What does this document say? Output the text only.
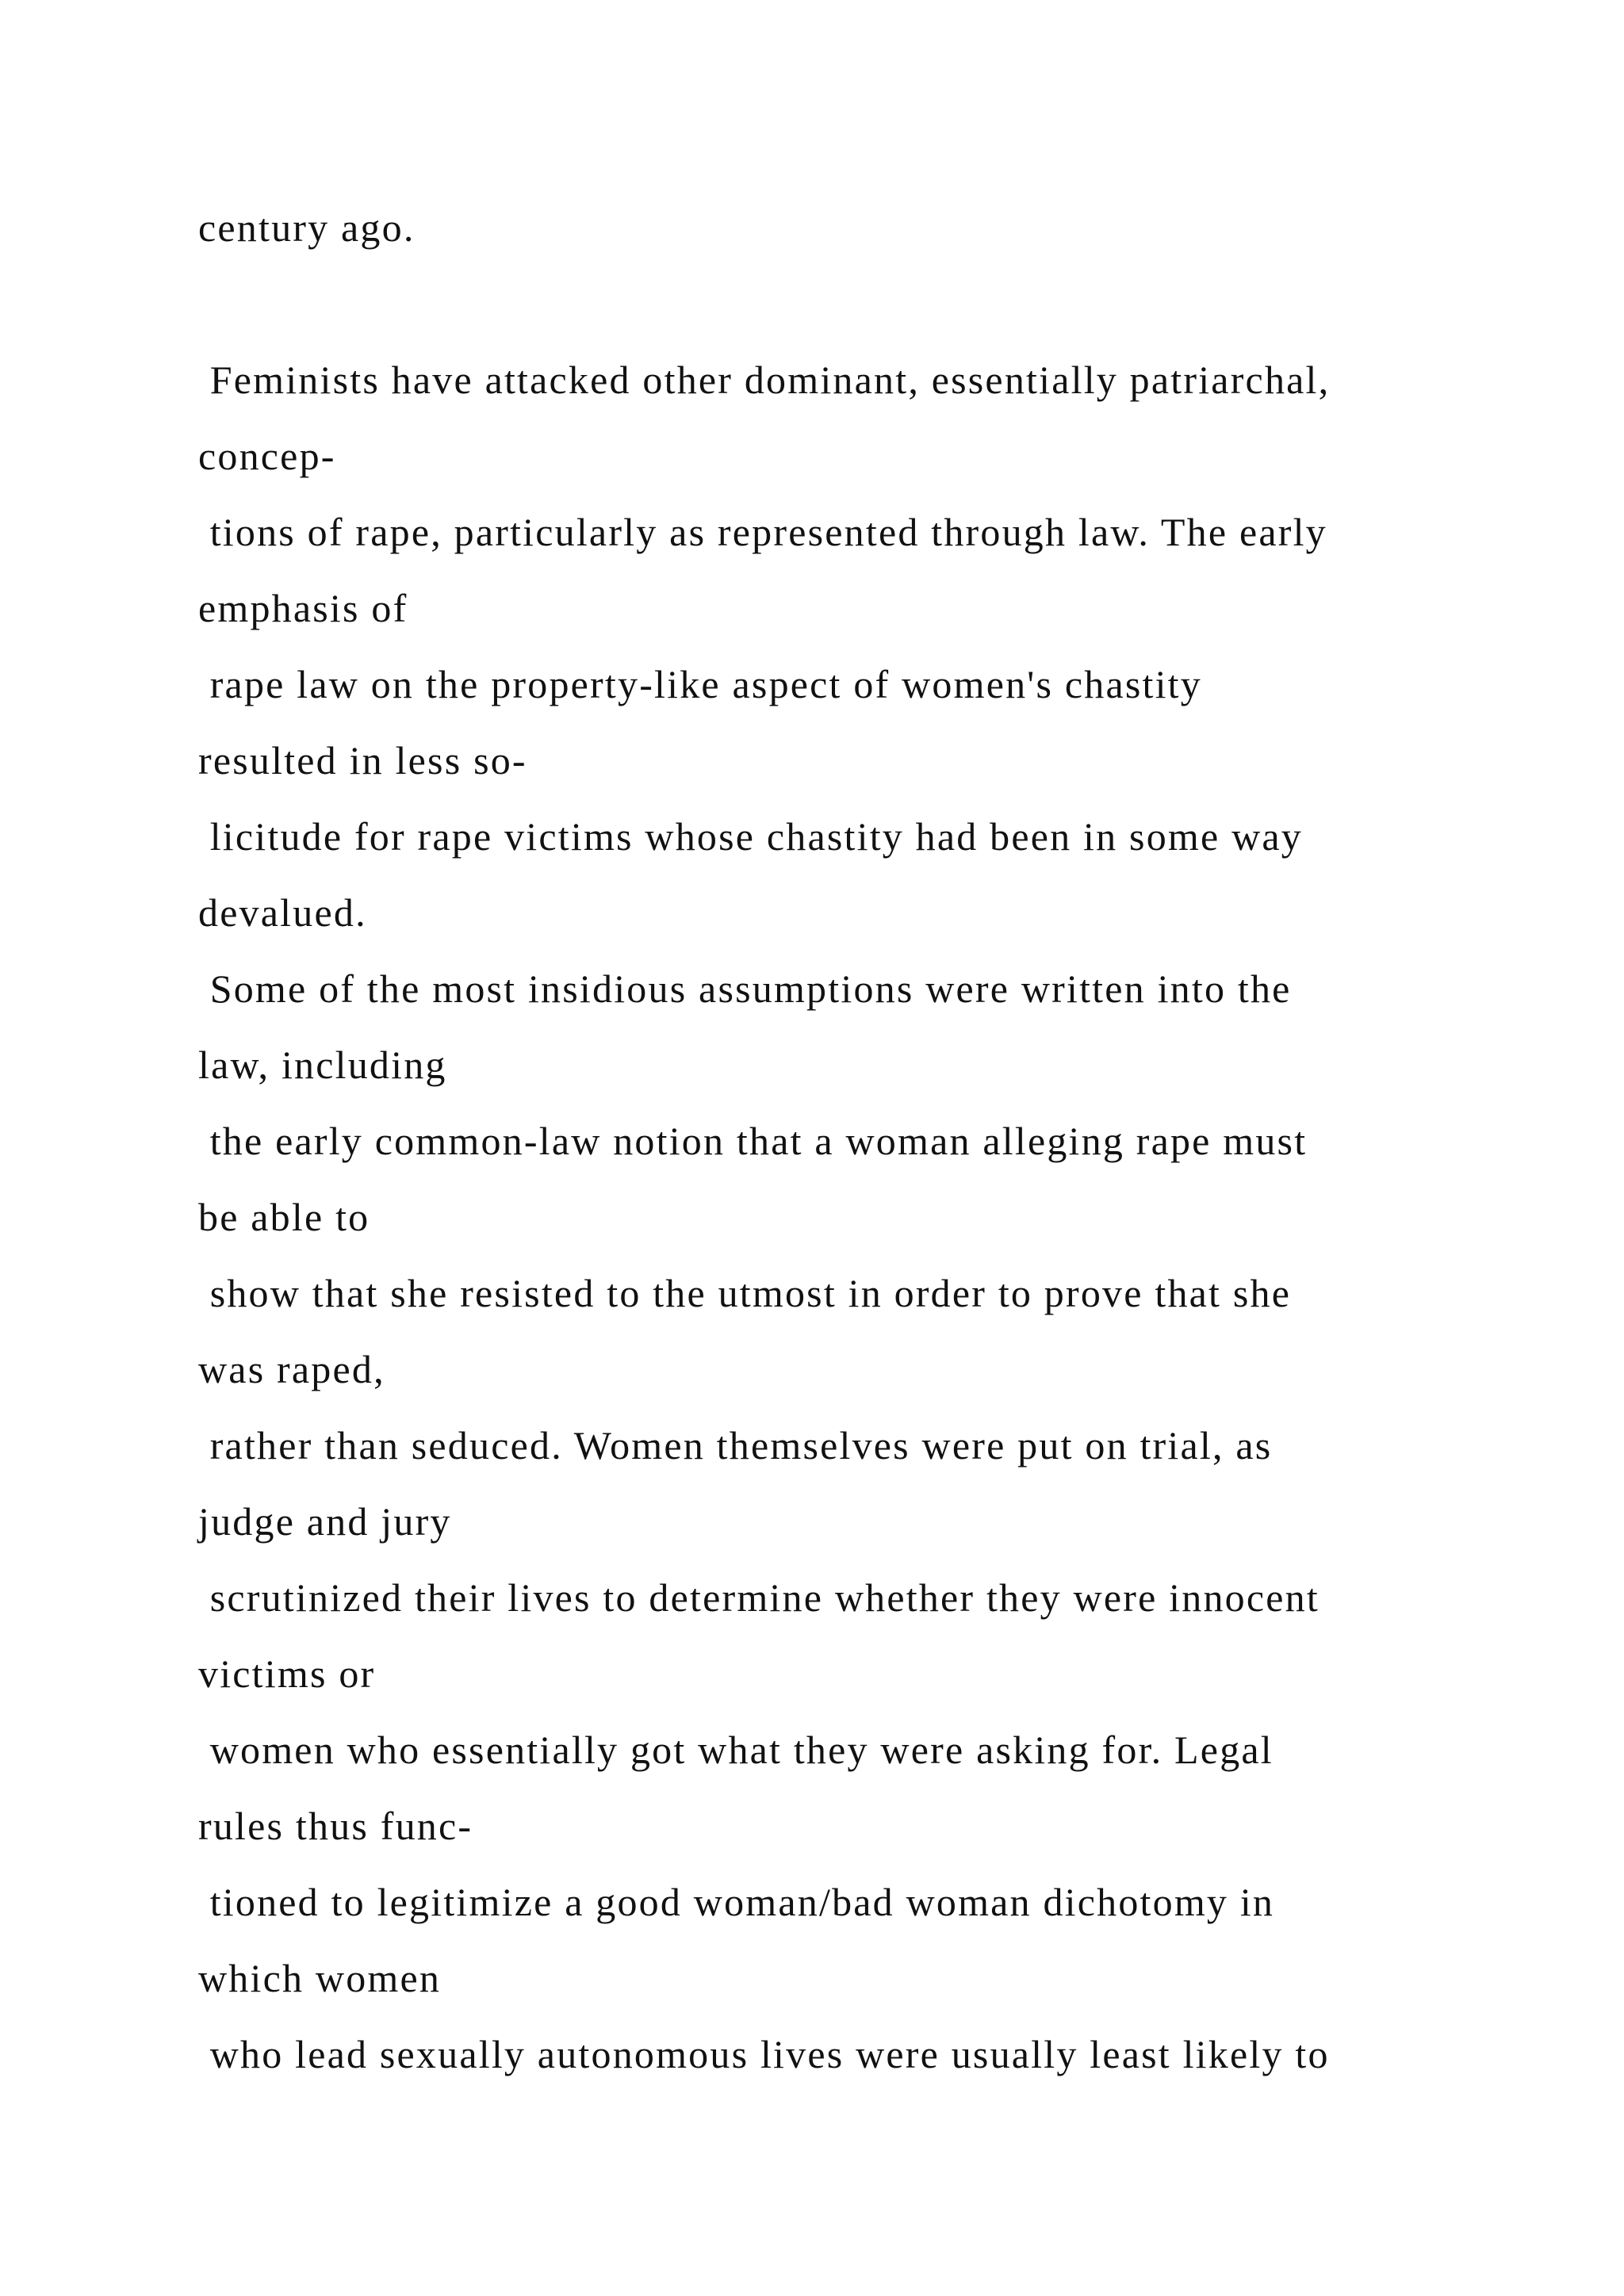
century ago.

Feminists have attacked other dominant, essentially patriarchal,

concep-

tions of rape, particularly as represented through law. The early

emphasis of

rape law on the property-like aspect of women's chastity

resulted in less so-

licitude for rape victims whose chastity had been in some way

devalued.

Some of the most insidious assumptions were written into the

law, including

the early common-law notion that a woman alleging rape must

be able to

show that she resisted to the utmost in order to prove that she

was raped,

rather than seduced. Women themselves were put on trial, as

judge and jury

scrutinized their lives to determine whether they were innocent

victims or

women who essentially got what they were asking for. Legal

rules thus func-

tioned to legitimize a good woman/bad woman dichotomy in

which women

who lead sexually autonomous lives were usually least likely to
